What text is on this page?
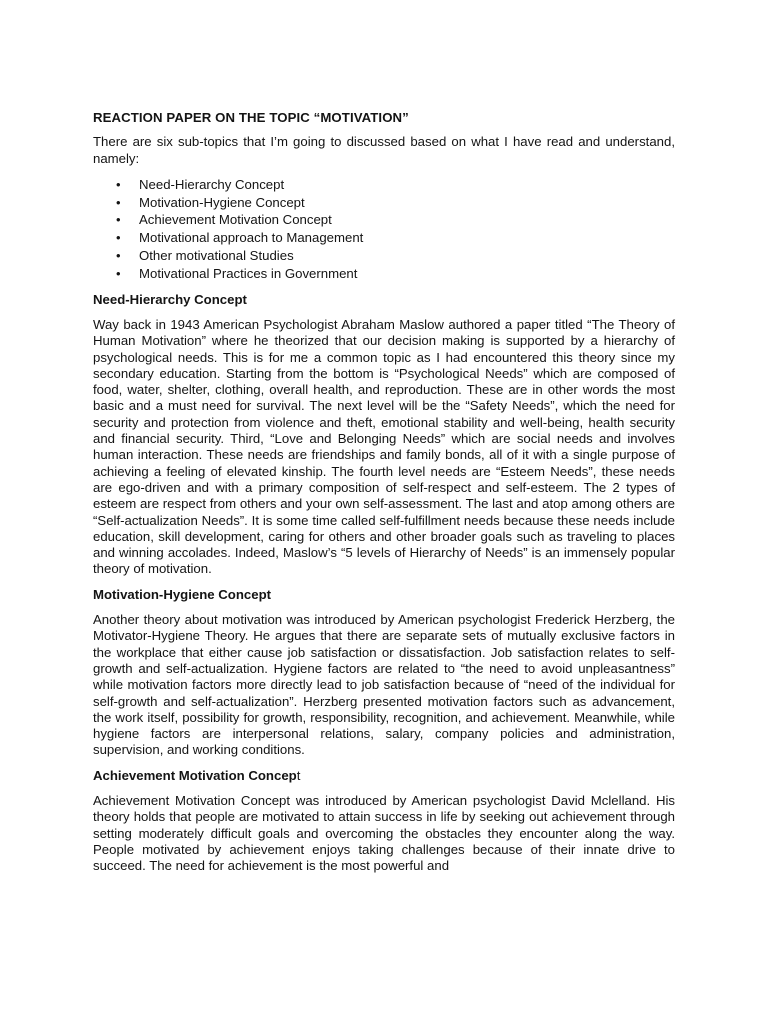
REACTION PAPER ON THE TOPIC “MOTIVATION”

There are six sub-topics that I’m going to discussed based on what I have read and understand, namely:

• Need-Hierarchy Concept
• Motivation-Hygiene Concept
• Achievement Motivation Concept
• Motivational approach to Management
• Other motivational Studies
• Motivational Practices in Government
Need-Hierarchy Concept

Way back in 1943 American Psychologist Abraham Maslow authored a paper titled “The Theory of Human Motivation” where he theorized that our decision making is supported by a hierarchy of psychological needs. This is for me a common topic as I had encountered this theory since my secondary education. Starting from the bottom is “Psychological Needs” which are composed of food, water, shelter, clothing, overall health, and reproduction. These are in other words the most basic and a must need for survival. The next level will be the “Safety Needs”, which the need for security and protection from violence and theft, emotional stability and well-being, health security and financial security. Third, “Love and Belonging Needs” which are social needs and involves human interaction. These needs are friendships and family bonds, all of it with a single purpose of achieving a feeling of elevated kinship. The fourth level needs are “Esteem Needs”, these needs are ego-driven and with a primary composition of self-respect and self-esteem. The 2 types of esteem are respect from others and your own self-assessment. The last and atop among others are “Self-actualization Needs”. It is some time called self-fulfillment needs because these needs include education, skill development, caring for others and other broader goals such as traveling to places and winning accolades. Indeed, Maslow’s “5 levels of Hierarchy of Needs” is an immensely popular theory of motivation.

Motivation-Hygiene Concept

Another theory about motivation was introduced by American psychologist Frederick Herzberg, the Motivator-Hygiene Theory. He argues that there are separate sets of mutually exclusive factors in the workplace that either cause job satisfaction or dissatisfaction. Job satisfaction relates to self-growth and self-actualization. Hygiene factors are related to “the need to avoid unpleasantness” while motivation factors more directly lead to job satisfaction because of “need of the individual for self-growth and self-actualization”. Herzberg presented motivation factors such as advancement, the work itself, possibility for growth, responsibility, recognition, and achievement. Meanwhile, while hygiene factors are interpersonal relations, salary, company policies and administration, supervision, and working conditions.

Achievement Motivation Concept

Achievement Motivation Concept was introduced by American psychologist David Mclelland. His theory holds that people are motivated to attain success in life by seeking out achievement through setting moderately difficult goals and overcoming the obstacles they encounter along the way. People motivated by achievement enjoys taking challenges because of their innate drive to succeed. The need for achievement is the most powerful and
